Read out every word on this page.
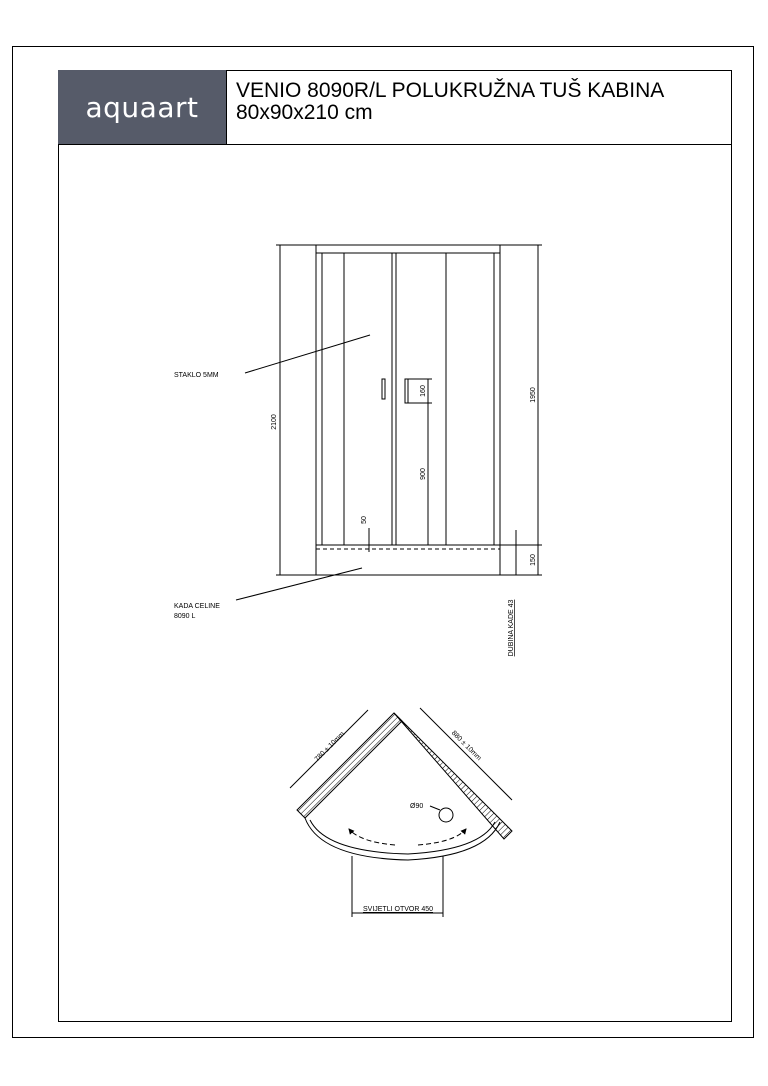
aquaart VENIO 8090R/L POLUKRUŽNA TUŠ KABINA
80x90x210 cm
STAKLO 5MM
KADA CELINE
8090 L
2100
1950
150
160
900
50
DUBINA KADE 43
780 ± 10mm	880 ± 10mm
Ø90
SVIJETLI OTVOR 450
